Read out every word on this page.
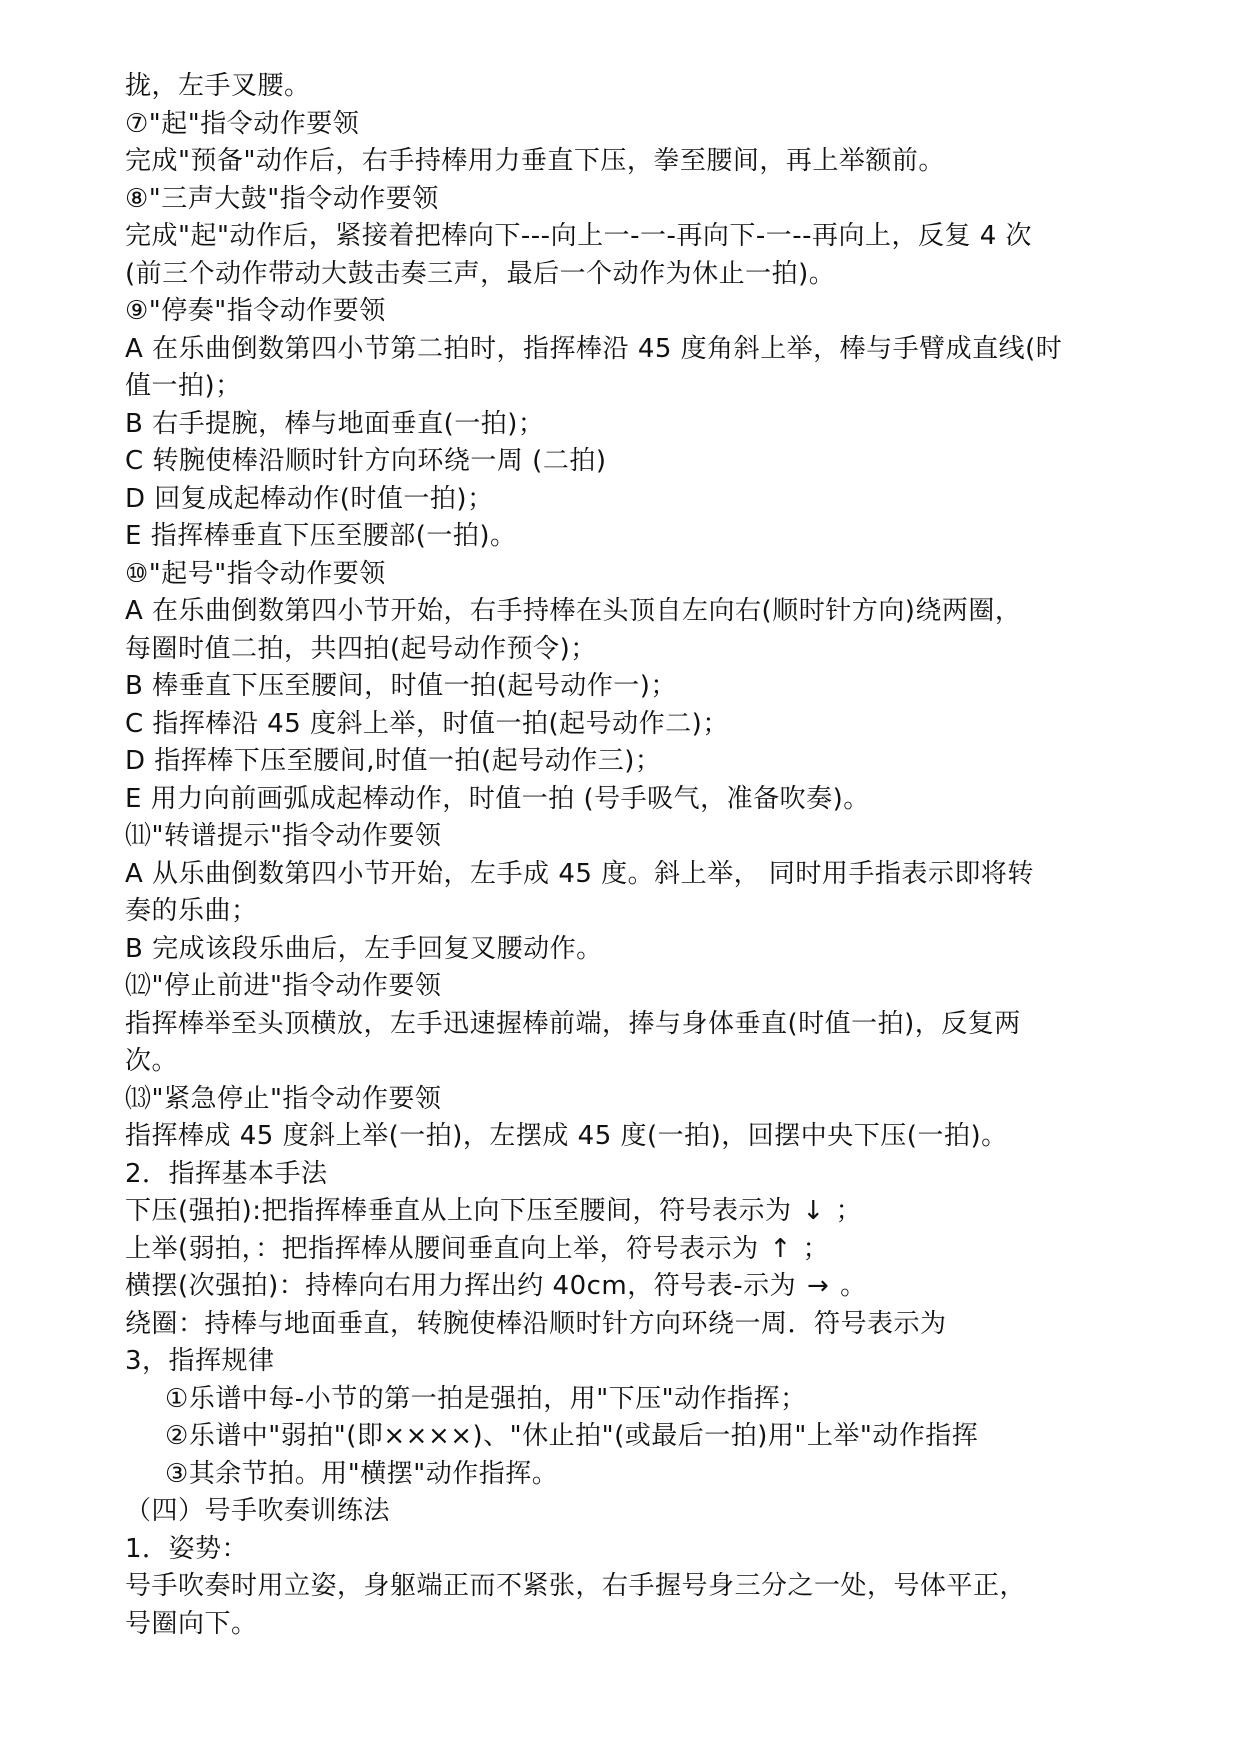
拢，左手叉腰。
⑦"起"指令动作要领
完成"预备"动作后，右手持棒用力垂直下压，拳至腰间，再上举额前。
⑧"三声大鼓"指令动作要领
完成"起"动作后，紧接着把棒向下---向上一-一-再向下-一--再向上，反复 4 次
(前三个动作带动大鼓击奏三声，最后一个动作为休止一拍)。
⑨"停奏"指令动作要领
A 在乐曲倒数第四小节第二拍时，指挥棒沿 45 度角斜上举，棒与手臂成直线(时
值一拍)；
B 右手提腕，棒与地面垂直(一拍)；
C 转腕使棒沿顺时针方向环绕一周 (二拍)
D 回复成起棒动作(时值一拍)；
E 指挥棒垂直下压至腰部(一拍)。
⑩"起号"指令动作要领
A 在乐曲倒数第四小节开始，右手持棒在头顶自左向右(顺时针方向)绕两圈，
每圈时值二拍，共四拍(起号动作预令)；
B 棒垂直下压至腰间，时值一拍(起号动作一)；
C 指挥棒沿 45 度斜上举，时值一拍(起号动作二)；
D 指挥棒下压至腰间,时值一拍(起号动作三)；
E 用力向前画弧成起棒动作，时值一拍 (号手吸气，准备吹奏)。
⑾"转谱提示"指令动作要领
A 从乐曲倒数第四小节开始，左手成 45 度。斜上举， 同时用手指表示即将转
奏的乐曲；
B 完成该段乐曲后，左手回复叉腰动作。
⑿"停止前进"指令动作要领
指挥棒举至头顶横放，左手迅速握棒前端，捧与身体垂直(时值一拍)，反复两
次。
⒀"紧急停止"指令动作要领
指挥棒成 45 度斜上举(一拍)，左摆成 45 度(一拍)，回摆中央下压(一拍)。
2．指挥基本手法
下压(强拍):把指挥棒垂直从上向下压至腰间，符号表示为 ↓ ；
上举(弱拍，：把指挥棒从腰间垂直向上举，符号表示为 ↑ ；
横摆(次强拍)：持棒向右用力挥出约 40cm，符号表-示为 → 。
绕圈：持棒与地面垂直，转腕使棒沿顺时针方向环绕一周．符号表示为
3，指挥规律
①乐谱中每-小节的第一拍是强拍，用"下压"动作指挥；
②乐谱中"弱拍"(即××××)、"休止拍"(或最后一拍)用"上举"动作指挥
③其余节拍。用"横摆"动作指挥。
（四）号手吹奏训练法
1．姿势：
号手吹奏时用立姿，身躯端正而不紧张，右手握号身三分之一处，号体平正，
号圈向下。
